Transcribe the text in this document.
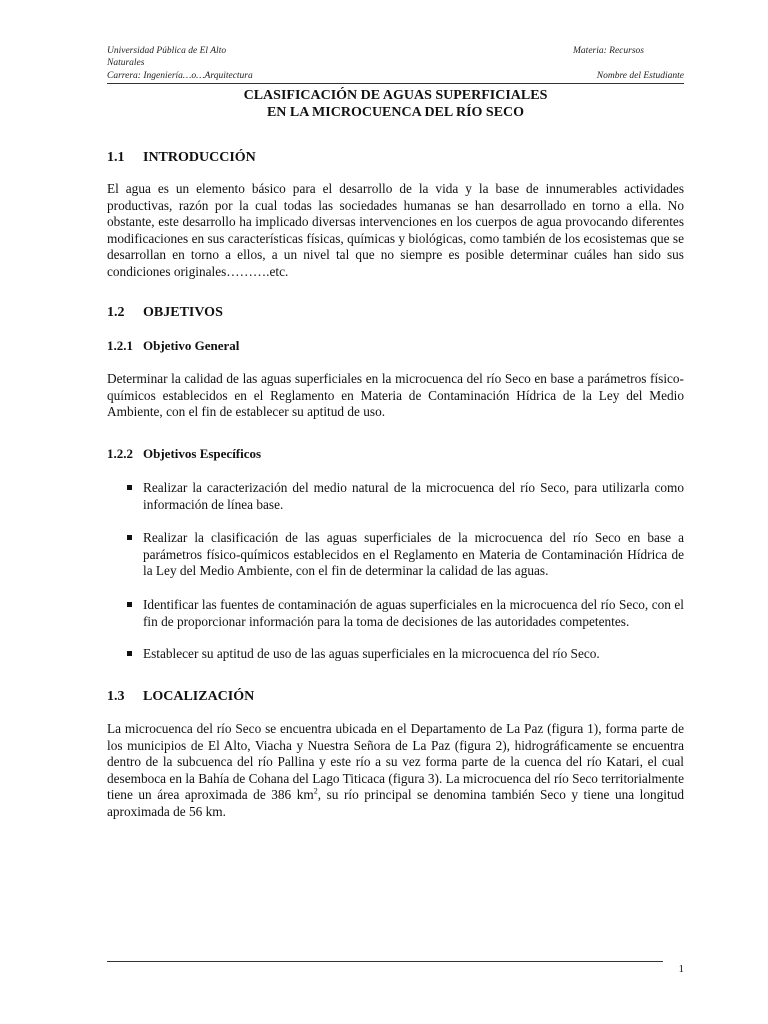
Universidad Pública de El Alto	Materia: Recursos
Naturales
Carrera: Ingeniería…o…Arquitectura	Nombre del Estudiante
CLASIFICACIÓN DE AGUAS SUPERFICIALES
EN LA MICROCUENCA DEL RÍO SECO
1.1 INTRODUCCIÓN
El agua es un elemento básico para el desarrollo de la vida y la base de innumerables actividades productivas, razón por la cual todas las sociedades humanas se han desarrollado en torno a ella. No obstante, este desarrollo ha implicado diversas intervenciones en los cuerpos de agua provocando diferentes modificaciones en sus características físicas, químicas y biológicas, como también de los ecosistemas que se desarrollan en torno a ellos, a un nivel tal que no siempre es posible determinar cuáles han sido sus condiciones originales……….etc.
1.2 OBJETIVOS
1.2.1 Objetivo General
Determinar la calidad de las aguas superficiales en la microcuenca del río Seco en base a parámetros físico-químicos establecidos en el Reglamento en Materia de Contaminación Hídrica de la Ley del Medio Ambiente, con el fin de establecer su aptitud de uso.
1.2.2 Objetivos Específicos
Realizar la caracterización del medio natural de la microcuenca del río Seco, para utilizarla como información de línea base.
Realizar la clasificación de las aguas superficiales de la microcuenca del río Seco en base a parámetros físico-químicos establecidos en el Reglamento en Materia de Contaminación Hídrica de la Ley del Medio Ambiente, con el fin de determinar la calidad de las aguas.
Identificar las fuentes de contaminación de aguas superficiales en la microcuenca del río Seco, con el fin de proporcionar información para la toma de decisiones de las autoridades competentes.
Establecer su aptitud de uso de las aguas superficiales en la microcuenca del río Seco.
1.3 LOCALIZACIÓN
La microcuenca del río Seco se encuentra ubicada en el Departamento de La Paz (figura 1), forma parte de los municipios de El Alto, Viacha y Nuestra Señora de La Paz (figura 2), hidrográficamente se encuentra dentro de la subcuenca del río Pallina y este río a su vez forma parte de la cuenca del río Katari, el cual desemboca en la Bahía de Cohana del Lago Titicaca (figura 3). La microcuenca del río Seco territorialmente tiene un área aproximada de 386 $km^2$, su río principal se denomina también Seco y tiene una longitud aproximada de 56 km.
1
